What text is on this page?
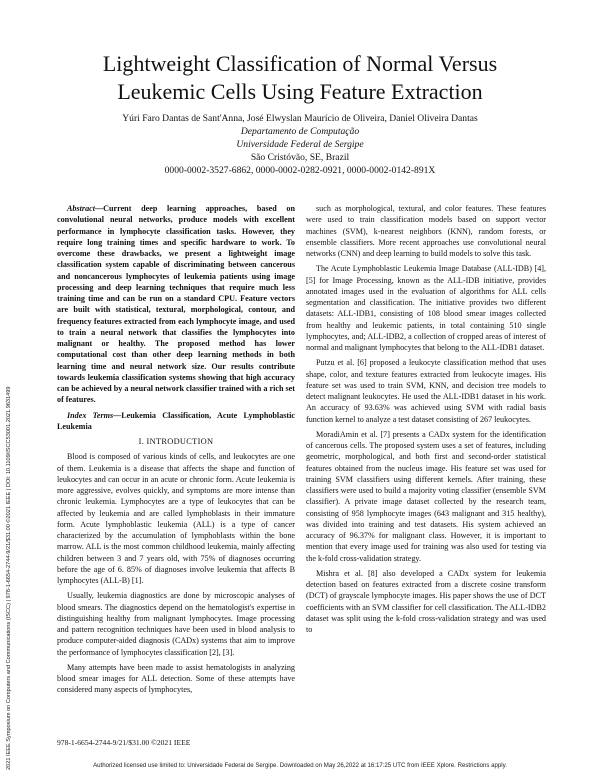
Lightweight Classification of Normal Versus
Leukemic Cells Using Feature Extraction
Yúri Faro Dantas de Sant'Anna, José Elwyslan Maurício de Oliveira, Daniel Oliveira Dantas
Departamento de Computação
Universidade Federal de Sergipe
São Cristóvão, SE, Brazil
0000-0002-3527-6862, 0000-0002-0282-0921, 0000-0002-0142-891X
2021 IEEE Symposium on Computers and Communications (ISCC) | 978-1-6654-2744-9/21/$31.00 ©2021 IEEE | DOI: 10.1109/ISCC53001.2021.9631499

Abstract—Current deep learning approaches, based on convolutional neural networks, produce models with excellent performance in lymphocyte classification tasks. However, they require long training times and specific hardware to work. To overcome these drawbacks, we present a lightweight image classification system capable of discriminating between cancerous and noncancerous lymphocytes of leukemia patients using image processing and deep learning techniques that require much less training time and can be run on a standard CPU. Feature vectors are built with statistical, textural, morphological, contour, and frequency features extracted from each lymphocyte image, and used to train a neural network that classifies the lymphocytes into malignant or healthy. The proposed method has lower computational cost than other deep learning methods in both learning time and neural network size. Our results contribute towards leukemia classification systems showing that high accuracy can be achieved by a neural network classifier trained with a rich set of features.

Index Terms—Leukemia Classification, Acute Lymphoblastic Leukemia

I. INTRODUCTION

Blood is composed of various kinds of cells, and leukocytes are one of them. Leukemia is a disease that affects the shape and function of leukocytes and can occur in an acute or chronic form. Acute leukemia is more aggressive, evolves quickly, and symptoms are more intense than chronic leukemia. Lymphocytes are a type of leukocytes that can be affected by leukemia and are called lymphoblasts in their immature form. Acute lymphoblastic leukemia (ALL) is a type of cancer characterized by the accumulation of lymphoblasts within the bone marrow. ALL is the most common childhood leukemia, mainly affecting children between 3 and 7 years old, with 75% of diagnoses occurring before the age of 6. 85% of diagnoses involve leukemia that affects B lymphocytes (ALL-B) [1].

Usually, leukemia diagnostics are done by microscopic analyses of blood smears. The diagnostics depend on the hematologist's expertise in distinguishing healthy from malignant lymphocytes. Image processing and pattern recognition techniques have been used in blood analysis to produce computer-aided diagnosis (CADx) systems that aim to improve the performance of lymphocytes classification [2], [3].

Many attempts have been made to assist hematologists in analyzing blood smear images for ALL detection. Some of these attempts have considered many aspects of lymphocytes,

such as morphological, textural, and color features. These features were used to train classification models based on support vector machines (SVM), k-nearest neighbors (KNN), random forests, or ensemble classifiers. More recent approaches use convolutional neural networks (CNN) and deep learning to build models to solve this task.

The Acute Lymphoblastic Leukemia Image Database (ALL-IDB) [4], [5] for Image Processing, known as the ALL-IDB initiative, provides annotated images used in the evaluation of algorithms for ALL cells segmentation and classification. The initiative provides two different datasets: ALL-IDB1, consisting of 108 blood smear images collected from healthy and leukemic patients, in total containing 510 single lymphocytes, and; ALL-IDB2, a collection of cropped areas of interest of normal and malignant lymphocytes that belong to the ALL-IDB1 dataset.

Putzu et al. [6] proposed a leukocyte classification method that uses shape, color, and texture features extracted from leukocyte images. His feature set was used to train SVM, KNN, and decision tree models to detect malignant leukocytes. He used the ALL-IDB1 dataset in his work. An accuracy of 93.63% was achieved using SVM with radial basis function kernel to analyze a test dataset consisting of 267 leukocytes.

MoradiAmin et al. [7] presents a CADx system for the identification of cancerous cells. The proposed system uses a set of features, including geometric, morphological, and both first and second-order statistical features obtained from the nucleus image. His feature set was used for training SVM classifiers using different kernels. After training, these classifiers were used to build a majority voting classifier (ensemble SVM classifier). A private image dataset collected by the research team, consisting of 958 lymphocyte images (643 malignant and 315 healthy), was divided into training and test datasets. His system achieved an accuracy of 96.37% for malignant class. However, it is important to mention that every image used for training was also used for testing via the k-fold cross-validation strategy.

Mishra et al. [8] also developed a CADx system for leukemia detection based on features extracted from a discrete cosine transform (DCT) of grayscale lymphocyte images. His paper shows the use of DCT coefficients with an SVM classifier for cell classification. The ALL-IDB2 dataset was split using the k-fold cross-validation strategy and was used to

978-1-6654-2744-9/21/$31.00 ©2021 IEEE
Authorized licensed use limited to: Universidade Federal de Sergipe. Downloaded on May 26,2022 at 16:17:25 UTC from IEEE Xplore. Restrictions apply.
